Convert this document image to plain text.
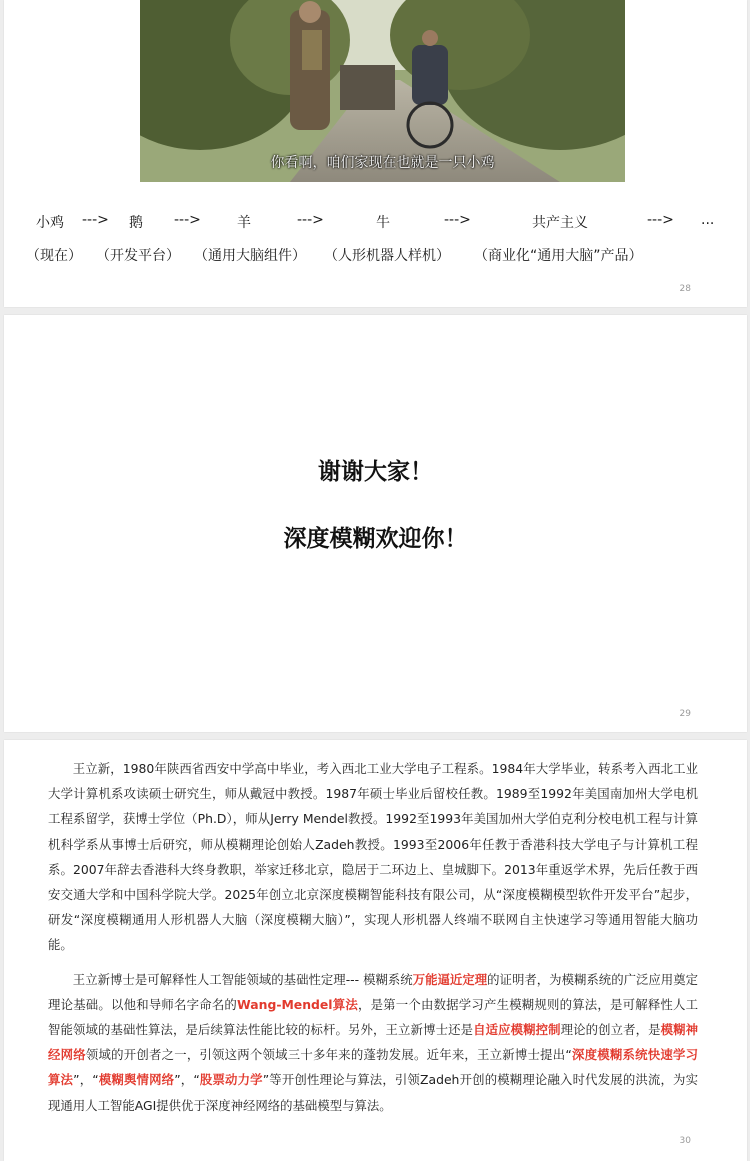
你看啊，咱们家现在也就是一只小鸡
小鸡 ---> 鹅 --->	羊	--->	牛	--->	共产主义	---> ...
（现在） （开发平台） （通用大脑组件） （人形机器人样机） （商业化“通用大脑”产品）
28
谢谢大家！
深度模糊欢迎你！
29

王立新，1980年陕西省西安中学高中毕业，考入西北工业大学电子工程系。1984年大学毕业，转系考入西北工业大学计算机系攻读硕士研究生，师从戴冠中教授。1987年硕士毕业后留校任教。1989至1992年美国南加州大学电机工程系留学，获博士学位（Ph.D），师从Jerry Mendel教授。1992至1993年美国加州大学伯克利分校电机工程与计算机科学系从事博士后研究，师从模糊理论创始人Zadeh教授。1993至2006年任教于香港科技大学电子与计算机工程系。2007年辞去香港科大终身教职，举家迁移北京，隐居于二环边上、皇城脚下。2013年重返学术界，先后任教于西安交通大学和中国科学院大学。2025年创立北京深度模糊智能科技有限公司，从“深度模糊模型软件开发平台”起步，研发“深度模糊通用人形机器人大脑（深度模糊大脑）”，实现人形机器人终端不联网自主快速学习等通用智能大脑功能。

王立新博士是可解释性人工智能领域的基础性定理--- 模糊系统万能逼近定理的证明者，为模糊系统的广泛应用奠定理论基础。以他和导师名字命名的Wang-Mendel算法，是第一个由数据学习产生模糊规则的算法，是可解释性人工智能领域的基础性算法，是后续算法性能比较的标杆。另外，王立新博士还是自适应模糊控制理论的创立者，是模糊神经网络领域的开创者之一，引领这两个领域三十多年来的蓬勃发展。近年来，王立新博士提出“深度模糊系统快速学习算法”，“模糊舆情网络”，“股票动力学”等开创性理论与算法，引领Zadeh开创的模糊理论融入时代发展的洪流，为实现通用人工智能AGI提供优于深度神经网络的基础模型与算法。

30
